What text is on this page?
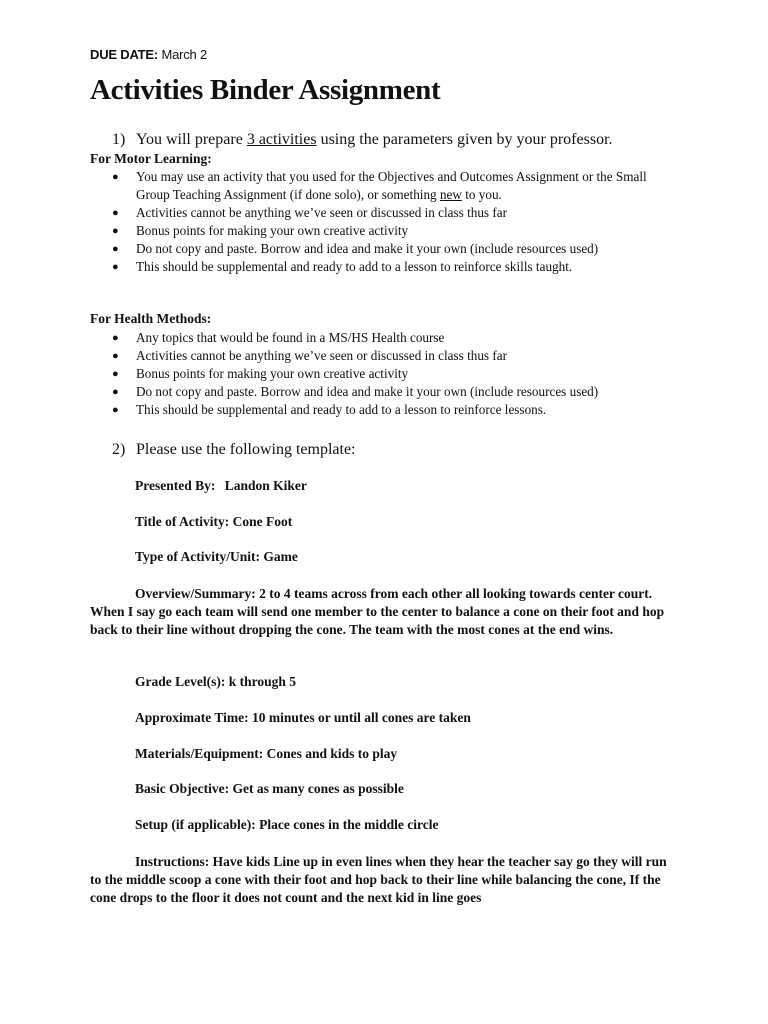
DUE DATE: March 2
Activities Binder Assignment
1) You will prepare 3 activities using the parameters given by your professor.
For Motor Learning:
● You may use an activity that you used for the Objectives and Outcomes Assignment or the Small Group Teaching Assignment (if done solo), or something new to you.
● Activities cannot be anything we’ve seen or discussed in class thus far
● Bonus points for making your own creative activity
● Do not copy and paste. Borrow and idea and make it your own (include resources used)
● This should be supplemental and ready to add to a lesson to reinforce skills taught.
For Health Methods:
● Any topics that would be found in a MS/HS Health course
● Activities cannot be anything we’ve seen or discussed in class thus far
● Bonus points for making your own creative activity
● Do not copy and paste. Borrow and idea and make it your own (include resources used)
● This should be supplemental and ready to add to a lesson to reinforce lessons.
2) Please use the following template:
Presented By: Landon Kiker
Title of Activity: Cone Foot
Type of Activity/Unit: Game
Overview/Summary: 2 to 4 teams across from each other all looking towards center court. When I say go each team will send one member to the center to balance a cone on their foot and hop back to their line without dropping the cone. The team with the most cones at the end wins.
Grade Level(s): k through 5
Approximate Time: 10 minutes or until all cones are taken
Materials/Equipment: Cones and kids to play
Basic Objective: Get as many cones as possible
Setup (if applicable): Place cones in the middle circle
Instructions: Have kids Line up in even lines when they hear the teacher say go they will run to the middle scoop a cone with their foot and hop back to their line while balancing the cone, If the cone drops to the floor it does not count and the next kid in line goes
